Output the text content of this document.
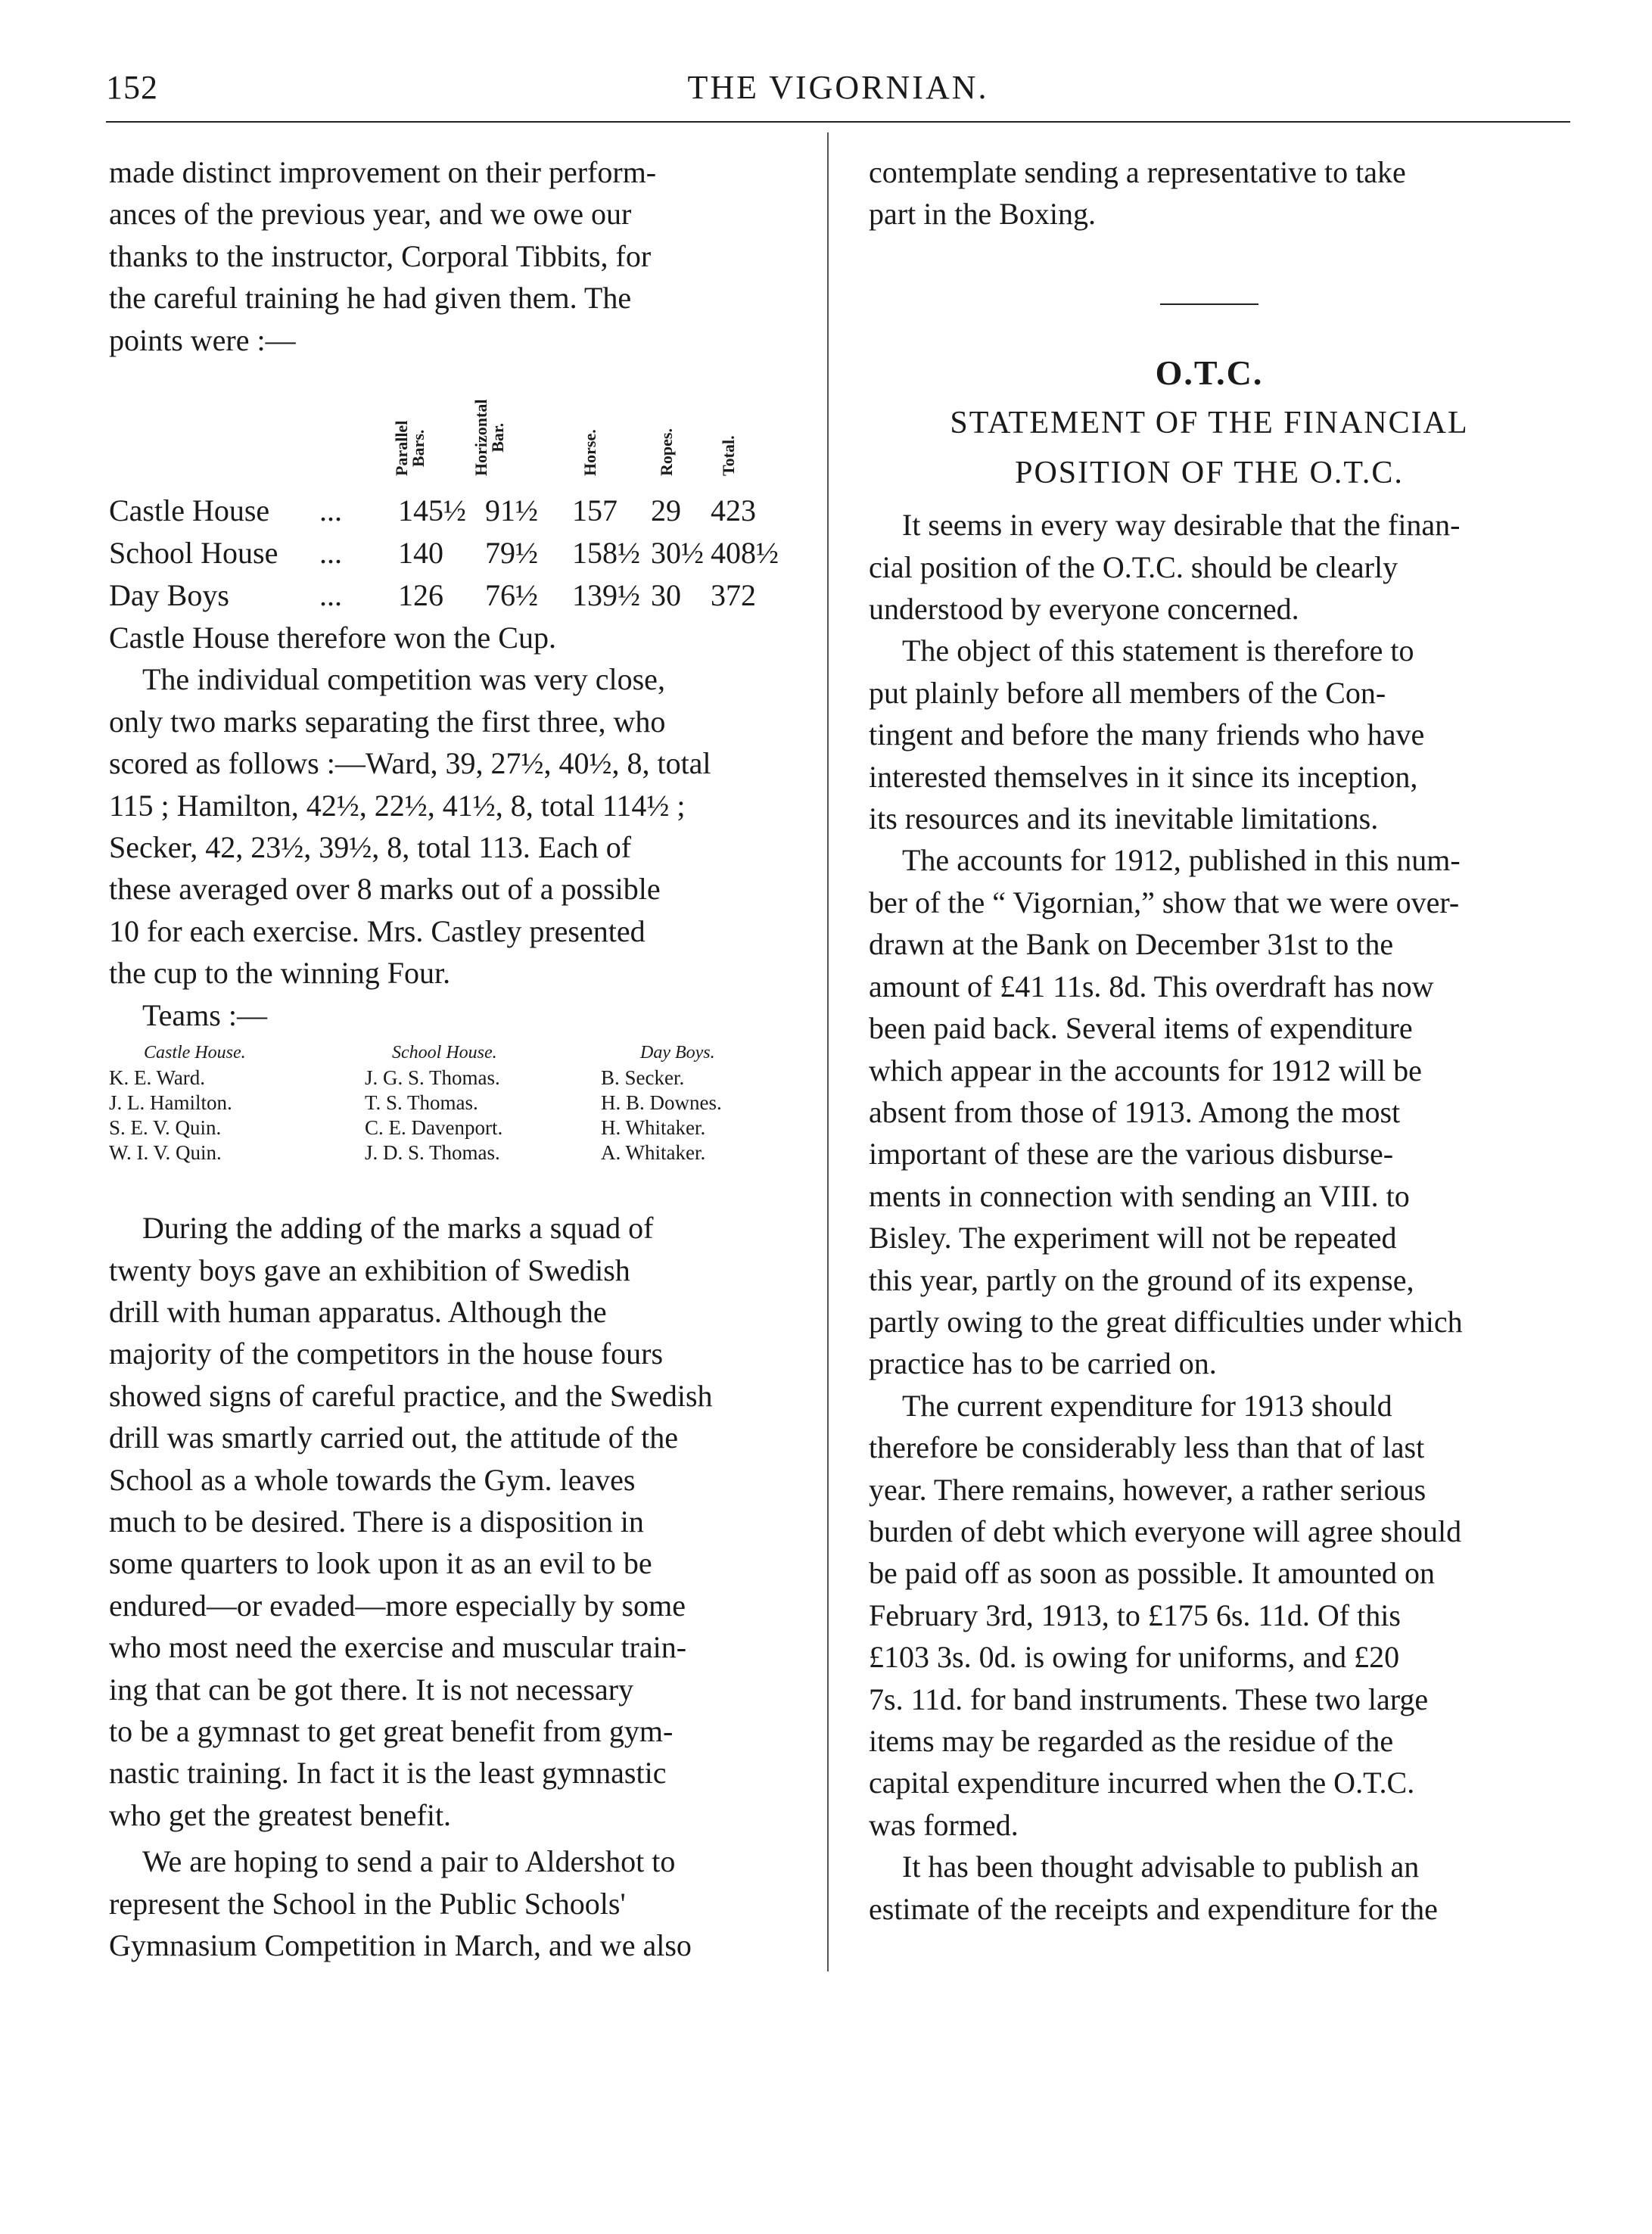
152	THE VIGORNIAN.

made distinct improvement on their perform-
ances of the previous year, and we owe our
thanks to the instructor, Corporal Tibbits, for
the careful training he had given them. The
points were :—

Parallel
Bars.	Horizontal
Bar.	Horse.	Ropes.	Total.
Castle House ... 145½ 91½ 157 29 423
School House ... 140 79½ 158½ 30½ 408½
Day Boys	... 126 76½ 139½ 30 372

Castle House therefore won the Cup.

The individual competition was very close,
only two marks separating the first three, who
scored as follows :—Ward, 39, 27½, 40½, 8, total
115 ; Hamilton, 42½, 22½, 41½, 8, total 114½ ;
Secker, 42, 23½, 39½, 8, total 113. Each of
these averaged over 8 marks out of a possible
10 for each exercise. Mrs. Castley presented
the cup to the winning Four.

Teams :—

Castle House.
K. E. Ward.
J. L. Hamilton.
S. E. V. Quin.
W. I. V. Quin.
School House.
J. G. S. Thomas.
T. S. Thomas.
C. E. Davenport.
J. D. S. Thomas.
Day Boys.
B. Secker.
H. B. Downes.
H. Whitaker.
A. Whitaker.

During the adding of the marks a squad of
twenty boys gave an exhibition of Swedish
drill with human apparatus. Although the
majority of the competitors in the house fours
showed signs of careful practice, and the Swedish
drill was smartly carried out, the attitude of the
School as a whole towards the Gym. leaves
much to be desired. There is a disposition in
some quarters to look upon it as an evil to be
endured—or evaded—more especially by some
who most need the exercise and muscular train-
ing that can be got there. It is not necessary
to be a gymnast to get great benefit from gym-
nastic training. In fact it is the least gymnastic
who get the greatest benefit.

We are hoping to send a pair to Aldershot to
represent the School in the Public Schools'
Gymnasium Competition in March, and we also

contemplate sending a representative to take
part in the Boxing.

O.T.C.
STATEMENT OF THE FINANCIAL
POSITION OF THE O.T.C.

It seems in every way desirable that the finan-
cial position of the O.T.C. should be clearly
understood by everyone concerned.

The object of this statement is therefore to
put plainly before all members of the Con-
tingent and before the many friends who have
interested themselves in it since its inception,
its resources and its inevitable limitations.

The accounts for 1912, published in this num-
ber of the “ Vigornian,” show that we were over-
drawn at the Bank on December 31st to the
amount of £41 11s. 8d. This overdraft has now
been paid back. Several items of expenditure
which appear in the accounts for 1912 will be
absent from those of 1913. Among the most
important of these are the various disburse-
ments in connection with sending an VIII. to
Bisley. The experiment will not be repeated
this year, partly on the ground of its expense,
partly owing to the great difficulties under which
practice has to be carried on.

The current expenditure for 1913 should
therefore be considerably less than that of last
year. There remains, however, a rather serious
burden of debt which everyone will agree should
be paid off as soon as possible. It amounted on
February 3rd, 1913, to £175 6s. 11d. Of this
£103 3s. 0d. is owing for uniforms, and £20
7s. 11d. for band instruments. These two large
items may be regarded as the residue of the
capital expenditure incurred when the O.T.C.
was formed.

It has been thought advisable to publish an
estimate of the receipts and expenditure for the
